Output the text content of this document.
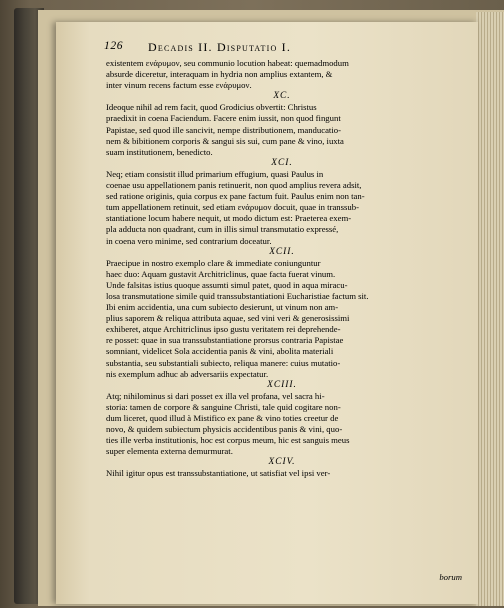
126 Decadis II. Disputatio I.
existentem ενάρυμον, seu communio locution habeat: quemadmodum
absurde diceretur, interaquam in hydria non amplius extantem, &
inter vinum recens factum esse ενάρυμον.
XC.
Ideoque nihil ad rem facit, quod Grodicius obvertit: Christus
praedixit in coena Faciendum. Facere enim iussit, non quod fingunt
Papistae, sed quod ille sancivit, nempe distributionem, manducatio-
nem & bibitionem corporis & sangui sis sui, cum pane & vino, iuxta
suam institutionem, benedicto.
XCI.
Neq; etiam consistit illud primarium effugium, quasi Paulus in
coenae usu appellationem panis retinuerit, non quod amplius revera adsit,
sed ratione originis, quia corpus ex pane factum fuit. Paulus enim non tan-
tum appellationem retinuit, sed etiam ενάρυμον docuit, quae in transsub-
stantiatione locum habere nequit, ut modo dictum est: Praeterea exem-
pla adducta non quadrant, cum in illis simul transmutatio expressé,
in coena vero minime, sed contrarium doceatur.
XCII.
Praecipue in nostro exemplo clare & immediate coniunguntur
haec duo: Aquam gustavit Architriclinus, quae facta fuerat vinum.
Unde falsitas istius quoque assumti simul patet, quod in aqua miracu-
losa transmutatione simile quid transsubstantiationi Eucharistiae factum sit.
Ibi enim accidentia, una cum subiecto desierunt, ut vinum non am-
plius saporem & reliqua attributa aquae, sed vini veri & generosissimi
exhiberet, atque Architriclinus ipso gustu veritatem rei deprehende-
re posset: quae in sua transsubstantiatione prorsus contraria Papistae
somniant, videlicet Sola accidentia panis & vini, abolita materiali
substantia, seu substantiali subiecto, reliqua manere: cuius mutatio-
nis exemplum adhuc ab adversariis expectatur.
XCIII.
Atq; nihilominus si dari posset ex illa vel profana, vel sacra hi-
storia: tamen de corpore & sanguine Christi, tale quid cogitare non-
dum liceret, quod illud à Mistifico ex pane & vino toties creetur de
novo, & quidem subiectum physicis accidentibus panis & vini, quo-
ties ille verba institutionis, hoc est corpus meum, hic est sanguis meus
super elementa externa demurmurat.
XCIV.
Nihil igitur opus est transsubstantiatione, ut satisfiat vel ipsi ver-
borum
